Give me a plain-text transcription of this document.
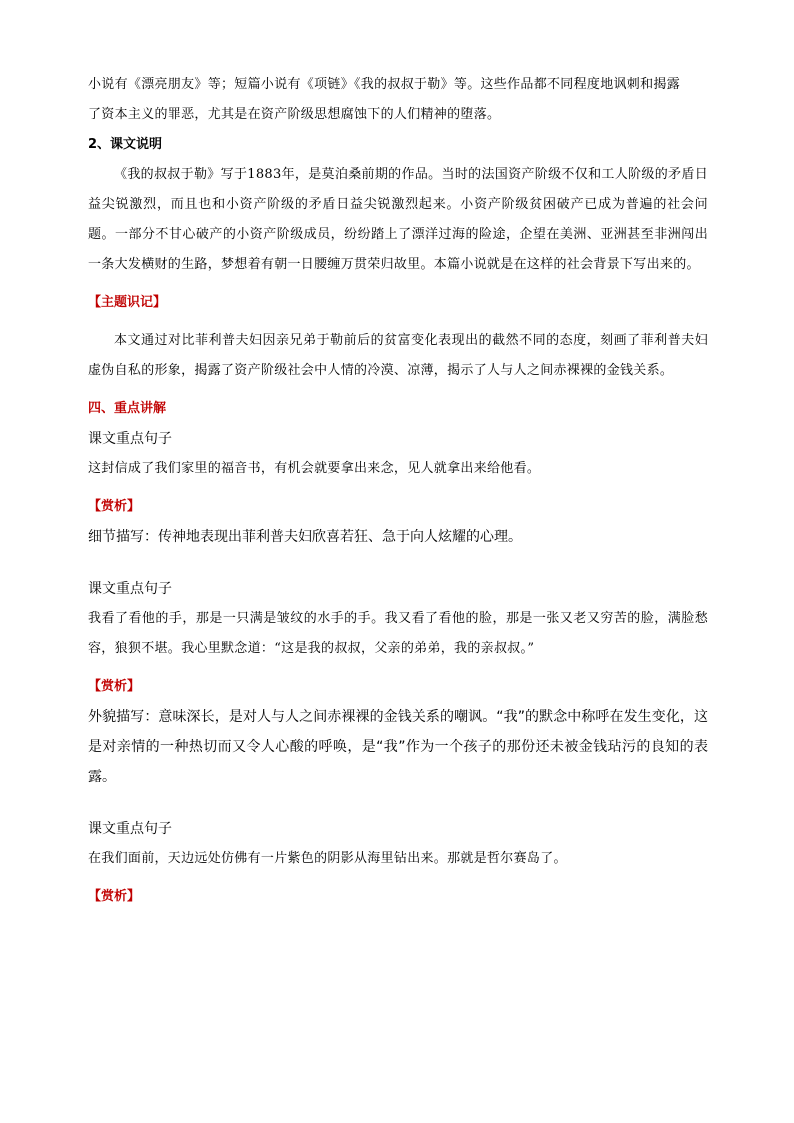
小说有《漂亮朋友》等；短篇小说有《项链》《我的叔叔于勒》等。这些作品都不同程度地讽刺和揭露

了资本主义的罪恶，尤其是在资产阶级思想腐蚀下的人们精神的堕落。

2、课文说明

《我的叔叔于勒》写于1883年，是莫泊桑前期的作品。当时的法国资产阶级不仅和工人阶级的矛盾日益尖锐激烈，而且也和小资产阶级的矛盾日益尖锐激烈起来。小资产阶级贫困破产已成为普遍的社会问题。一部分不甘心破产的小资产阶级成员，纷纷踏上了漂洋过海的险途，企望在美洲、亚洲甚至非洲闯出一条大发横财的生路，梦想着有朝一日腰缠万贯荣归故里。本篇小说就是在这样的社会背景下写出来的。

【主题识记】

本文通过对比菲利普夫妇因亲兄弟于勒前后的贫富变化表现出的截然不同的态度，刻画了菲利普夫妇虚伪自私的形象，揭露了资产阶级社会中人情的冷漠、凉薄，揭示了人与人之间赤裸裸的金钱关系。

四、重点讲解

课文重点句子

这封信成了我们家里的福音书，有机会就要拿出来念，见人就拿出来给他看。

【赏析】

细节描写：传神地表现出菲利普夫妇欣喜若狂、急于向人炫耀的心理。

课文重点句子

我看了看他的手，那是一只满是皱纹的水手的手。我又看了看他的脸，那是一张又老又穷苦的脸，满脸愁容，狼狈不堪。我心里默念道：“这是我的叔叔，父亲的弟弟，我的亲叔叔。”

【赏析】

外貌描写：意味深长，是对人与人之间赤裸裸的金钱关系的嘲讽。“我”的默念中称呼在发生变化，这是对亲情的一种热切而又令人心酸的呼唤，是“我”作为一个孩子的那份还未被金钱玷污的良知的表露。

课文重点句子

在我们面前，天边远处仿佛有一片紫色的阴影从海里钻出来。那就是哲尔赛岛了。

【赏析】
